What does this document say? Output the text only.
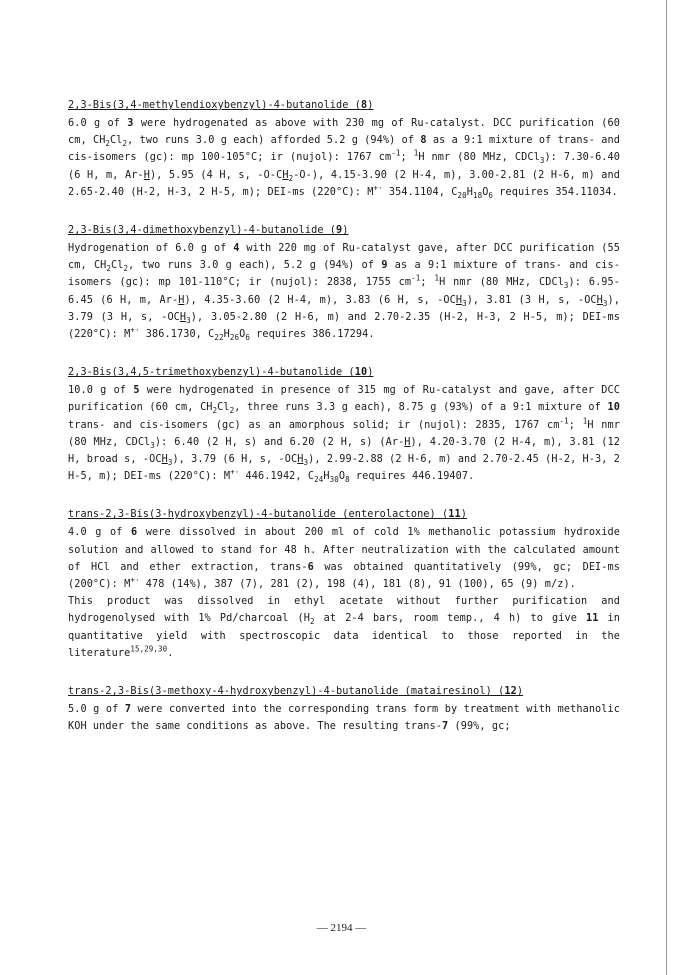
2,3-Bis(3,4-methylendioxybenzyl)-4-butanolide (8)

6.0 g of 3 were hydrogenated as above with 230 mg of Ru-catalyst. DCC purification (60 cm, $CH_2Cl_2$, two runs 3.0 g each) afforded 5.2 g (94%) of 8 as a 9:1 mixture of trans- and cis-isomers (gc): mp 100-105°C; ir (nujol): 1767 $cm^{-1}$; $^1$H nmr (80 MHz, CDCl$_3$): 7.30-6.40 (6 H, m, Ar-H), 5.95 (4 H, s, $-O-CH_2-O-$), 4.15-3.90 (2 H-4, m), 3.00-2.81 (2 H-6, m) and 2.65-2.40 (H-2, H-3, 2 H-5, m); DEI-ms (220°C): M+· 354.1104, $C_{20}H_{18}O_6$ requires 354.11034.

2,3-Bis(3,4-dimethoxybenzyl)-4-butanolide (9)

Hydrogenation of 6.0 g of 4 with 220 mg of Ru-catalyst gave, after DCC purification (55 cm, $CH_2Cl_2$, two runs 3.0 g each), 5.2 g (94%) of 9 as a 9:1 mixture of trans- and cis-isomers (gc): mp 101-110°C; ir (nujol): 2838, 1755 $cm^{-1}$; $^1$H nmr (80 MHz, CDCl$_3$): 6.95-6.45 (6 H, m, Ar-H), 4.35-3.60 (2 H-4, m), 3.83 (6 H, s, $-OCH_3$), 3.81 (3 H, s, $-OCH_3$), 3.79 (3 H, s, $-OCH_3$), 3.05-2.80 (2 H-6, m) and 2.70-2.35 (H-2, H-3, 2 H-5, m); DEI-ms (220°C): M+· 386.1730, $C_{22}H_{26}O_6$ requires 386.17294.

2,3-Bis(3,4,5-trimethoxybenzyl)-4-butanolide (10)

10.0 g of 5 were hydrogenated in presence of 315 mg of Ru-catalyst and gave, after DCC purification (60 cm, $CH_2Cl_2$, three runs 3.3 g each), 8.75 g (93%) of a 9:1 mixture of 10 trans- and cis-isomers (gc) as an amorphous solid; ir (nujol): 2835, 1767 $cm^{-1}$; $^1$H nmr (80 MHz, CDCl$_3$): 6.40 (2 H, s) and 6.20 (2 H, s) (Ar-H), 4.20-3.70 (2 H-4, m), 3.81 (12 H, broad s, $-OCH_3$), 3.79 (6 H, s, $-OCH_3$), 2.99-2.88 (2 H-6, m) and 2.70-2.45 (H-2, H-3, 2 H-5, m); DEI-ms (220°C): M+· 446.1942, $C_{24}H_{30}O_8$ requires 446.19407.

trans-2,3-Bis(3-hydroxybenzyl)-4-butanolide (enterolactone) (11)

4.0 g of 6 were dissolved in about 200 ml of cold 1% methanolic potassium hydroxide solution and allowed to stand for 48 h. After neutralization with the calculated amount of HCl and ether extraction, trans-6 was obtained quantitatively (99%, gc; DEI-ms (200°C): M+· 478 (14%), 387 (7), 281 (2), 198 (4), 181 (8), 91 (100), 65 (9) m/z).

This product was dissolved in ethyl acetate without further purification and hydrogenolysed with 1% Pd/charcoal ($H_2$ at 2-4 bars, room temp., 4 h) to give 11 in quantitative yield with spectroscopic data identical to those reported in the literature$^{15,29,30}$.

trans-2,3-Bis(3-methoxy-4-hydroxybenzyl)-4-butanolide (matairesinol) (12)

5.0 g of 7 were converted into the corresponding trans form by treatment with methanolic KOH under the same conditions as above. The resulting trans-7 (99%, gc;

— 2194 —
